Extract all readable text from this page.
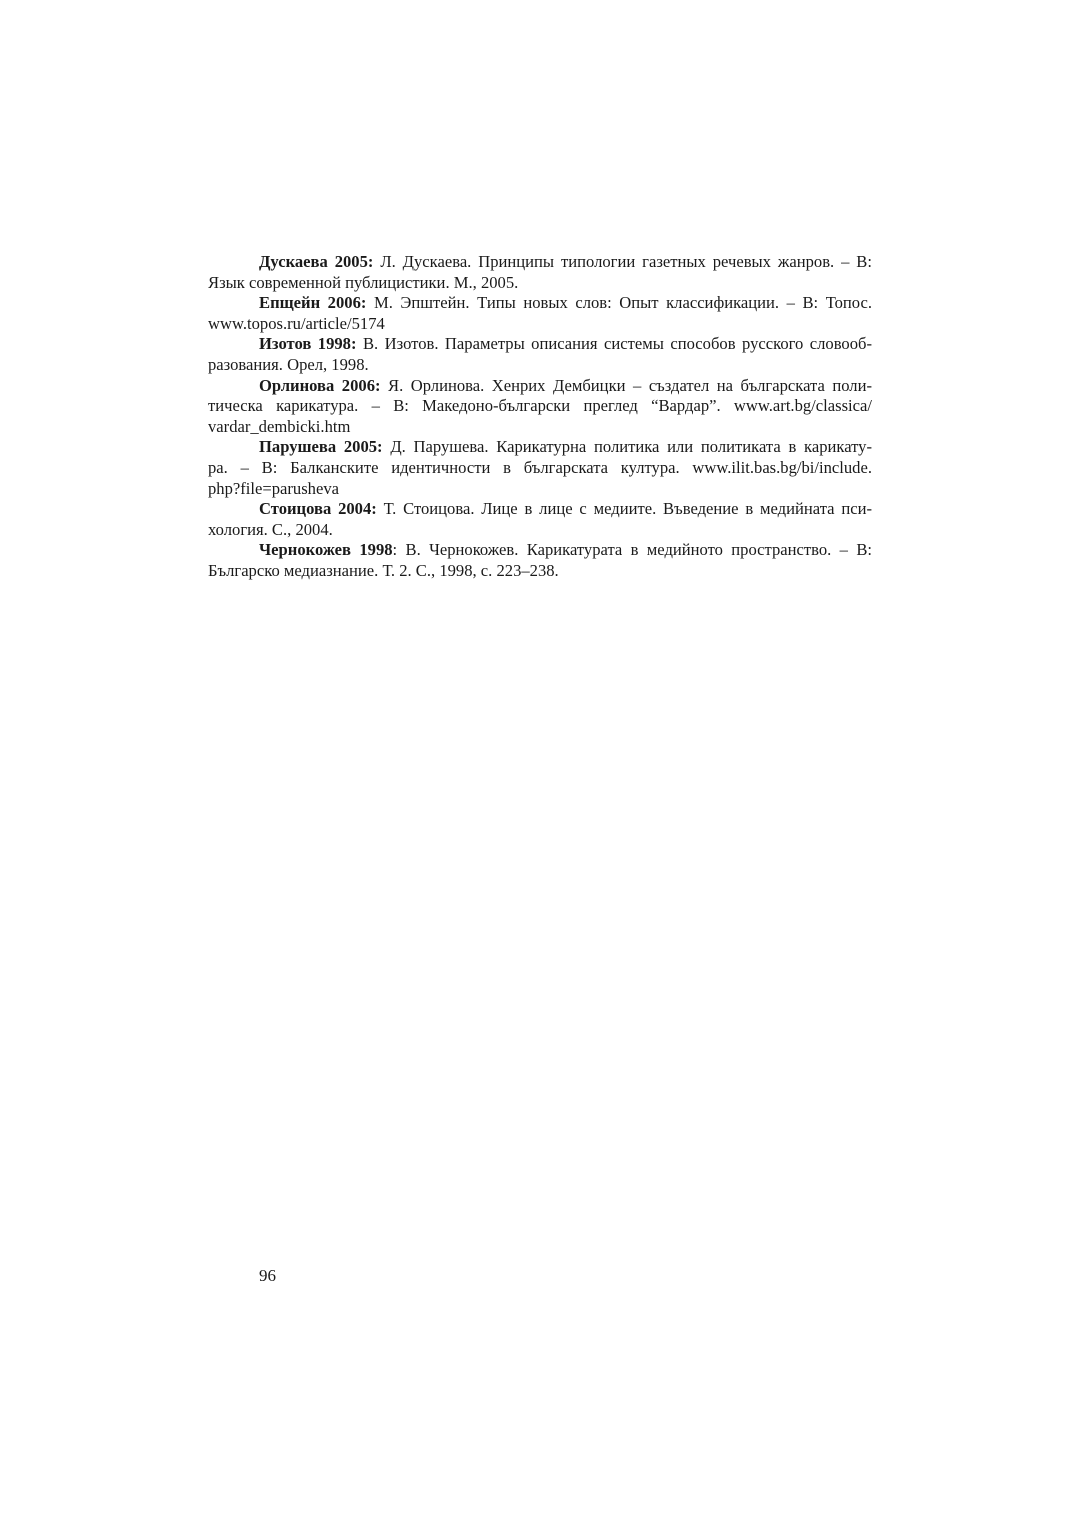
Дускаева 2005: Л. Дускаева. Принципы типологии газетных речевых жанров. – В:
Язык современной публицистики. М., 2005.

Епщейн 2006: М. Эпштейн. Типы новых слов: Опыт классификации. – В: Топос.
www.topos.ru/article/5174

Изотов 1998: В. Изотов. Параметры описания системы способов русского словооб-
разования. Орел, 1998.

Орлинова 2006: Я. Орлинова. Хенрих Дембицки – създател на българската поли-
тическа карикатура. – В: Македоно-български преглед “Вардар”. www.art.bg/classica/
vardar_dembicki.htm

Парушева 2005: Д. Парушева. Карикатурна политика или политиката в карикату-
ра. – В: Балканските идентичности в българската култура. www.ilit.bas.bg/bi/include.
php?file=parusheva

Стоицова 2004: Т. Стоицова. Лице в лице с медиите. Въведение в медийната пси-
хология. С., 2004.

Чернокожев 1998: В. Чернокожев. Карикатурата в медийното пространство. – В:
Българско медиазнание. Т. 2. С., 1998, с. 223–238.

96
